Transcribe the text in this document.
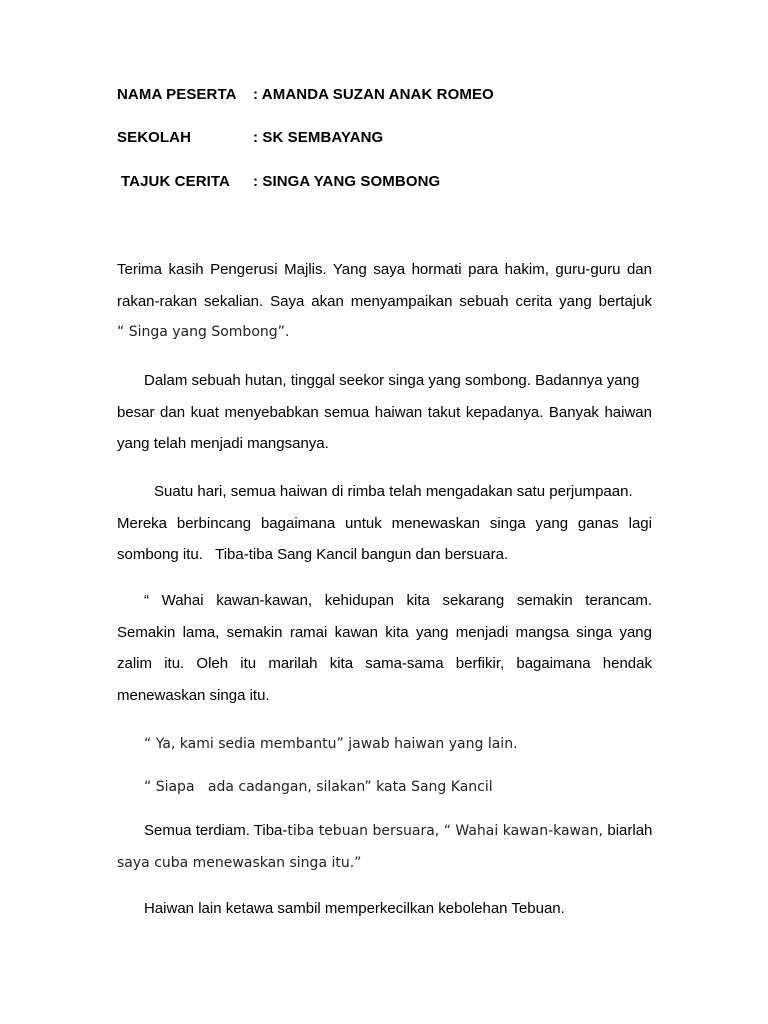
NAMA PESERTA : AMANDA SUZAN ANAK ROMEO
SEKOLAH	: SK SEMBAYANG
TAJUK CERITA : SINGA YANG SOMBONG
Terima kasih Pengerusi Majlis. Yang saya hormati para hakim, guru-guru dan
rakan-rakan sekalian. Saya akan menyampaikan sebuah cerita yang bertajuk
“ Singa yang Sombong”.
Dalam sebuah hutan, tinggal seekor singa yang sombong. Badannya yang
besar dan kuat menyebabkan semua haiwan takut kepadanya. Banyak haiwan
yang telah menjadi mangsanya.
Suatu hari, semua haiwan di rimba telah mengadakan satu perjumpaan.
Mereka berbincang bagaimana untuk menewaskan singa yang ganas lagi
sombong itu.   Tiba-tiba Sang Kancil bangun dan bersuara.
“ Wahai kawan-kawan, kehidupan kita sekarang semakin terancam.
Semakin lama, semakin ramai kawan kita yang menjadi mangsa singa yang
zalim itu. Oleh itu marilah kita sama-sama berfikir, bagaimana hendak
menewaskan singa itu.
“ Ya, kami sedia membantu” jawab haiwan yang lain.
“ Siapa   ada cadangan, silakan” kata Sang Kancil
Semua terdiam. Tiba-tiba tebuan bersuara, “ Wahai kawan-kawan, biarlah
saya cuba menewaskan singa itu.”
Haiwan lain ketawa sambil memperkecilkan kebolehan Tebuan.
